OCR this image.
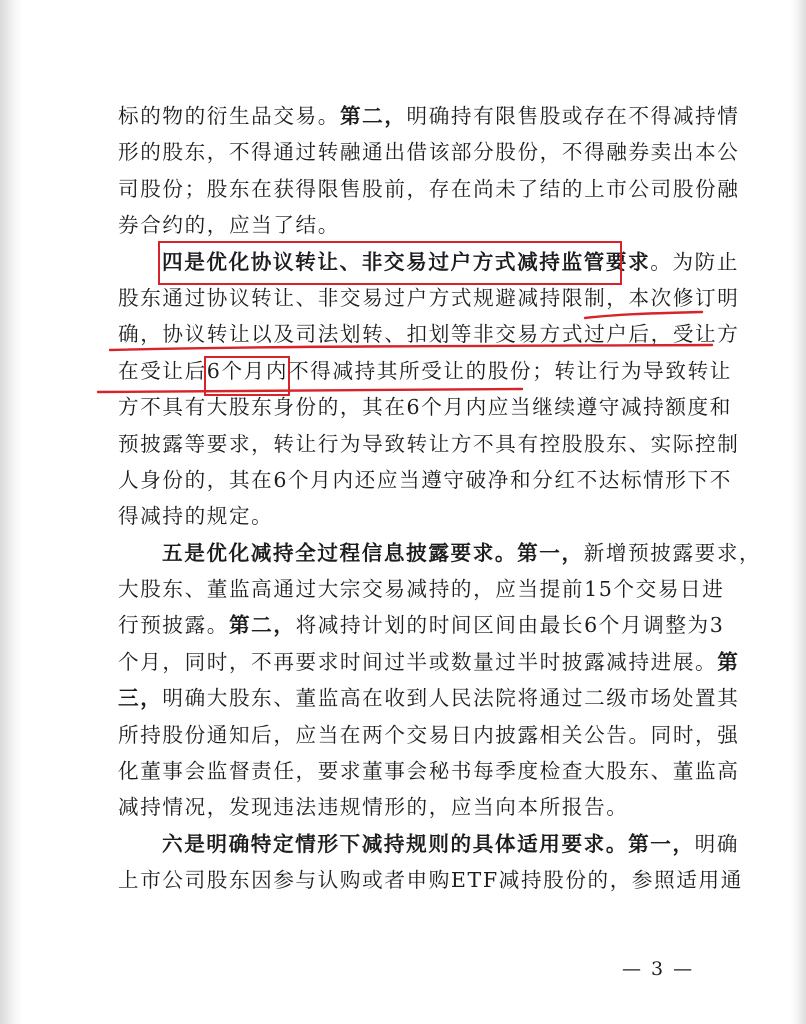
标的物的衍生品交易。第二，明确持有限售股或存在不得减持情
形的股东，不得通过转融通出借该部分股份，不得融券卖出本公
司股份；股东在获得限售股前，存在尚未了结的上市公司股份融
券合约的，应当了结。
四是优化协议转让、非交易过户方式减持监管要求。为防止
股东通过协议转让、非交易过户方式规避减持限制，本次修订明
确，协议转让以及司法划转、扣划等非交易方式过户后，受让方
在受让后6个月内不得减持其所受让的股份；转让行为导致转让
方不具有大股东身份的，其在6个月内应当继续遵守减持额度和
预披露等要求，转让行为导致转让方不具有控股股东、实际控制
人身份的，其在6个月内还应当遵守破净和分红不达标情形下不
得减持的规定。
五是优化减持全过程信息披露要求。第一，新增预披露要求，
大股东、董监高通过大宗交易减持的，应当提前15个交易日进
行预披露。第二，将减持计划的时间区间由最长6个月调整为3
个月，同时，不再要求时间过半或数量过半时披露减持进展。第
三，明确大股东、董监高在收到人民法院将通过二级市场处置其
所持股份通知后，应当在两个交易日内披露相关公告。同时，强
化董事会监督责任，要求董事会秘书每季度检查大股东、董监高
减持情况，发现违法违规情形的，应当向本所报告。
六是明确特定情形下减持规则的具体适用要求。第一，明确
上市公司股东因参与认购或者申购ETF减持股份的，参照适用通
— 3 —
